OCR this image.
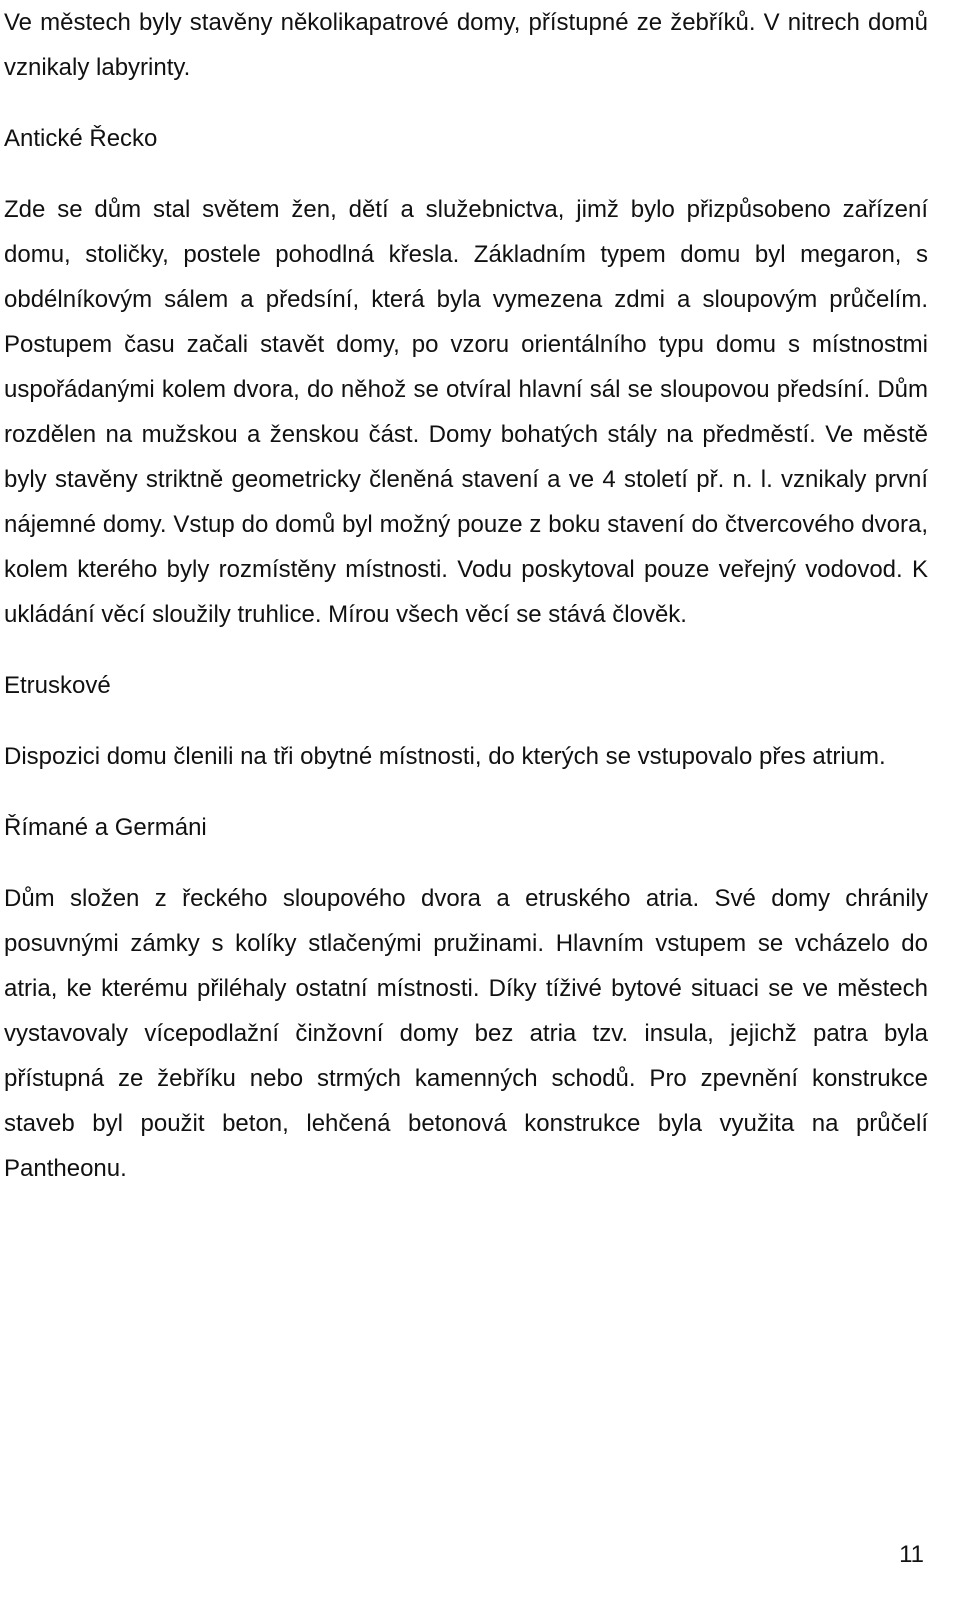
Ve městech byly stavěny několikapatrové domy, přístupné ze žebříků. V nitrech domů vznikaly labyrinty.

Antické Řecko

Zde se dům stal světem žen, dětí a služebnictva, jimž bylo přizpůsobeno zařízení domu, stoličky, postele pohodlná křesla. Základním typem domu byl megaron, s obdélníkovým sálem a předsíní, která byla vymezena zdmi a sloupovým průčelím. Postupem času začali stavět domy, po vzoru orientálního typu domu s místnostmi uspořádanými kolem dvora, do něhož se otvíral hlavní sál se sloupovou předsíní. Dům rozdělen na mužskou a ženskou část. Domy bohatých stály na předměstí. Ve městě byly stavěny striktně geometricky členěná stavení a ve 4 století př. n. l. vznikaly první nájemné domy. Vstup do domů byl možný pouze z boku stavení do čtvercového dvora, kolem kterého byly rozmístěny místnosti. Vodu poskytoval pouze veřejný vodovod. K ukládání věcí sloužily truhlice. Mírou všech věcí se stává člověk.

Etruskové

Dispozici domu členili na tři obytné místnosti, do kterých se vstupovalo přes atrium.

Římané a Germáni

Dům složen z řeckého sloupového dvora a etruského atria. Své domy chránily posuvnými zámky s kolíky stlačenými pružinami. Hlavním vstupem se vcházelo do atria, ke kterému přiléhaly ostatní místnosti. Díky tíživé bytové situaci se ve městech vystavovaly vícepodlažní činžovní domy bez atria tzv. insula, jejichž patra byla přístupná ze žebříku nebo strmých kamenných schodů. Pro zpevnění konstrukce staveb byl použit beton, lehčená betonová konstrukce byla využita na průčelí Pantheonu.

11
